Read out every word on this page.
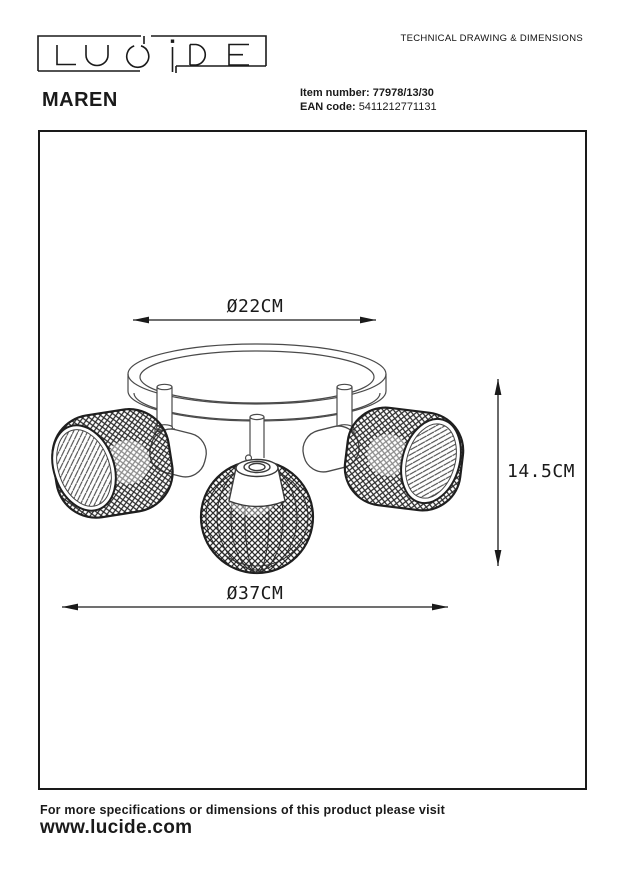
Ø22CM
14.5CM
Ø37CM
TECHNICAL DRAWING & DIMENSIONS
MAREN	Item number: 77978/13/30
EAN code: 5411212771131
For more specifications or dimensions of this product please visit
www.lucide.com
